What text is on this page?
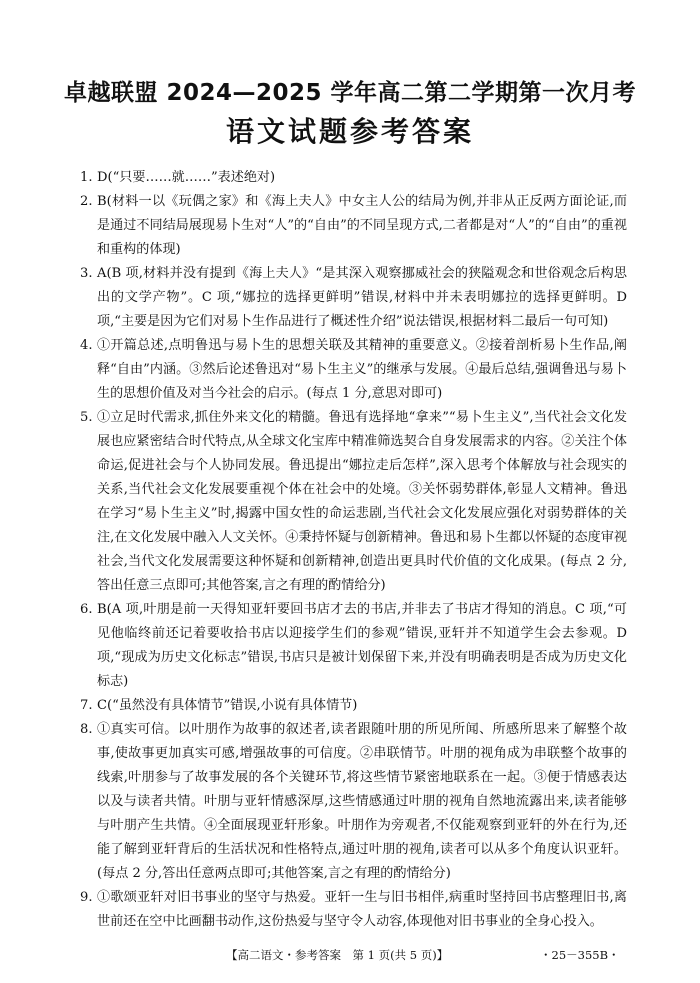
卓越联盟 2024—2025 学年高二第二学期第一次月考
语文试题参考答案
1. D(“只要……就……”表述绝对)
2. B(材料一以《玩偶之家》和《海上夫人》中女主人公的结局为例,并非从正反两方面论证,而是通过不同结局展现易卜生对“人”的“自由”的不同呈现方式,二者都是对“人”的“自由”的重视和重构的体现)
3. A(B 项,材料并没有提到《海上夫人》“是其深入观察挪威社会的狭隘观念和世俗观念后构思出的文学产物”。C 项,“娜拉的选择更鲜明”错误,材料中并未表明娜拉的选择更鲜明。D 项,“主要是因为它们对易卜生作品进行了概述性介绍”说法错误,根据材料二最后一句可知)
4. ①开篇总述,点明鲁迅与易卜生的思想关联及其精神的重要意义。②接着剖析易卜生作品,阐释“自由”内涵。③然后论述鲁迅对“易卜生主义”的继承与发展。④最后总结,强调鲁迅与易卜生的思想价值及对当今社会的启示。(每点 1 分,意思对即可)
5. ①立足时代需求,抓住外来文化的精髓。鲁迅有选择地“拿来”“易卜生主义”,当代社会文化发展也应紧密结合时代特点,从全球文化宝库中精准筛选契合自身发展需求的内容。②关注个体命运,促进社会与个人协同发展。鲁迅提出“娜拉走后怎样”,深入思考个体解放与社会现实的关系,当代社会文化发展要重视个体在社会中的处境。③关怀弱势群体,彰显人文精神。鲁迅在学习“易卜生主义”时,揭露中国女性的命运悲剧,当代社会文化发展应强化对弱势群体的关注,在文化发展中融入人文关怀。④秉持怀疑与创新精神。鲁迅和易卜生都以怀疑的态度审视社会,当代文化发展需要这种怀疑和创新精神,创造出更具时代价值的文化成果。(每点 2 分,答出任意三点即可;其他答案,言之有理的酌情给分)
6. B(A 项,叶朋是前一天得知亚轩要回书店才去的书店,并非去了书店才得知的消息。C 项,“可见他临终前还记着要收拾书店以迎接学生们的参观”错误,亚轩并不知道学生会去参观。D 项,“现成为历史文化标志”错误,书店只是被计划保留下来,并没有明确表明是否成为历史文化标志)
7. C(“虽然没有具体情节”错误,小说有具体情节)
8. ①真实可信。以叶朋作为故事的叙述者,读者跟随叶朋的所见所闻、所感所思来了解整个故事,使故事更加真实可感,增强故事的可信度。②串联情节。叶朋的视角成为串联整个故事的线索,叶朋参与了故事发展的各个关键环节,将这些情节紧密地联系在一起。③便于情感表达以及与读者共情。叶朋与亚轩情感深厚,这些情感通过叶朋的视角自然地流露出来,读者能够与叶朋产生共情。④全面展现亚轩形象。叶朋作为旁观者,不仅能观察到亚轩的外在行为,还能了解到亚轩背后的生活状况和性格特点,通过叶朋的视角,读者可以从多个角度认识亚轩。(每点 2 分,答出任意两点即可;其他答案,言之有理的酌情给分)
9. ①歌颂亚轩对旧书事业的坚守与热爱。亚轩一生与旧书相伴,病重时坚持回书店整理旧书,离世前还在空中比画翻书动作,这份热爱与坚守令人动容,体现他对旧书事业的全身心投入。
【高二语文・参考答案　第 1 页(共 5 页)】	・25－355B・
